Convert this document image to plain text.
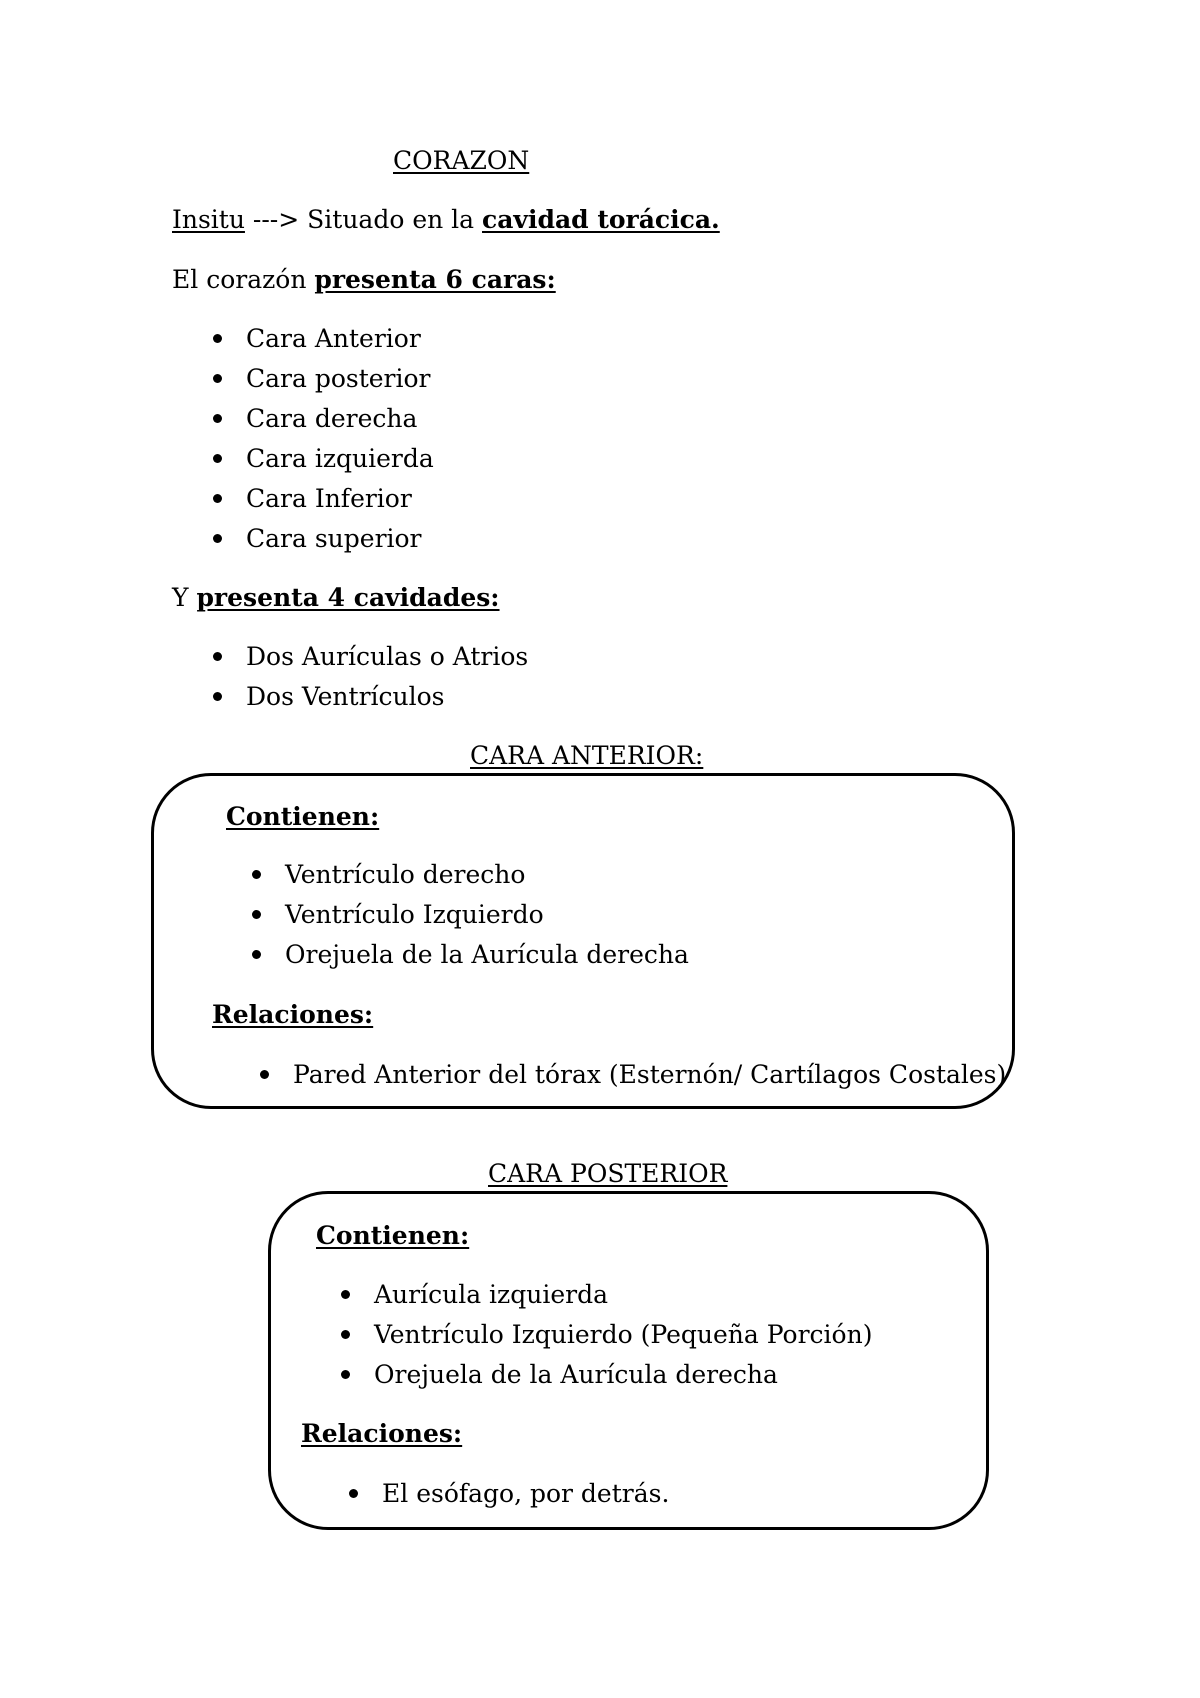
CORAZON
Insitu ---> Situado en la cavidad torácica.
El corazón presenta 6 caras:
Cara Anterior
Cara posterior
Cara derecha
Cara izquierda
Cara Inferior
Cara superior
Y presenta 4 cavidades:
Dos Aurículas o Atrios
Dos Ventrículos
CARA ANTERIOR:
Contienen:
Ventrículo derecho
Ventrículo Izquierdo
Orejuela de la Aurícula derecha
Relaciones:
Pared Anterior del tórax (Esternón/ Cartílagos Costales)
CARA POSTERIOR
Contienen:
Aurícula izquierda
Ventrículo Izquierdo (Pequeña Porción)
Orejuela de la Aurícula derecha
Relaciones:
El esófago, por detrás.
